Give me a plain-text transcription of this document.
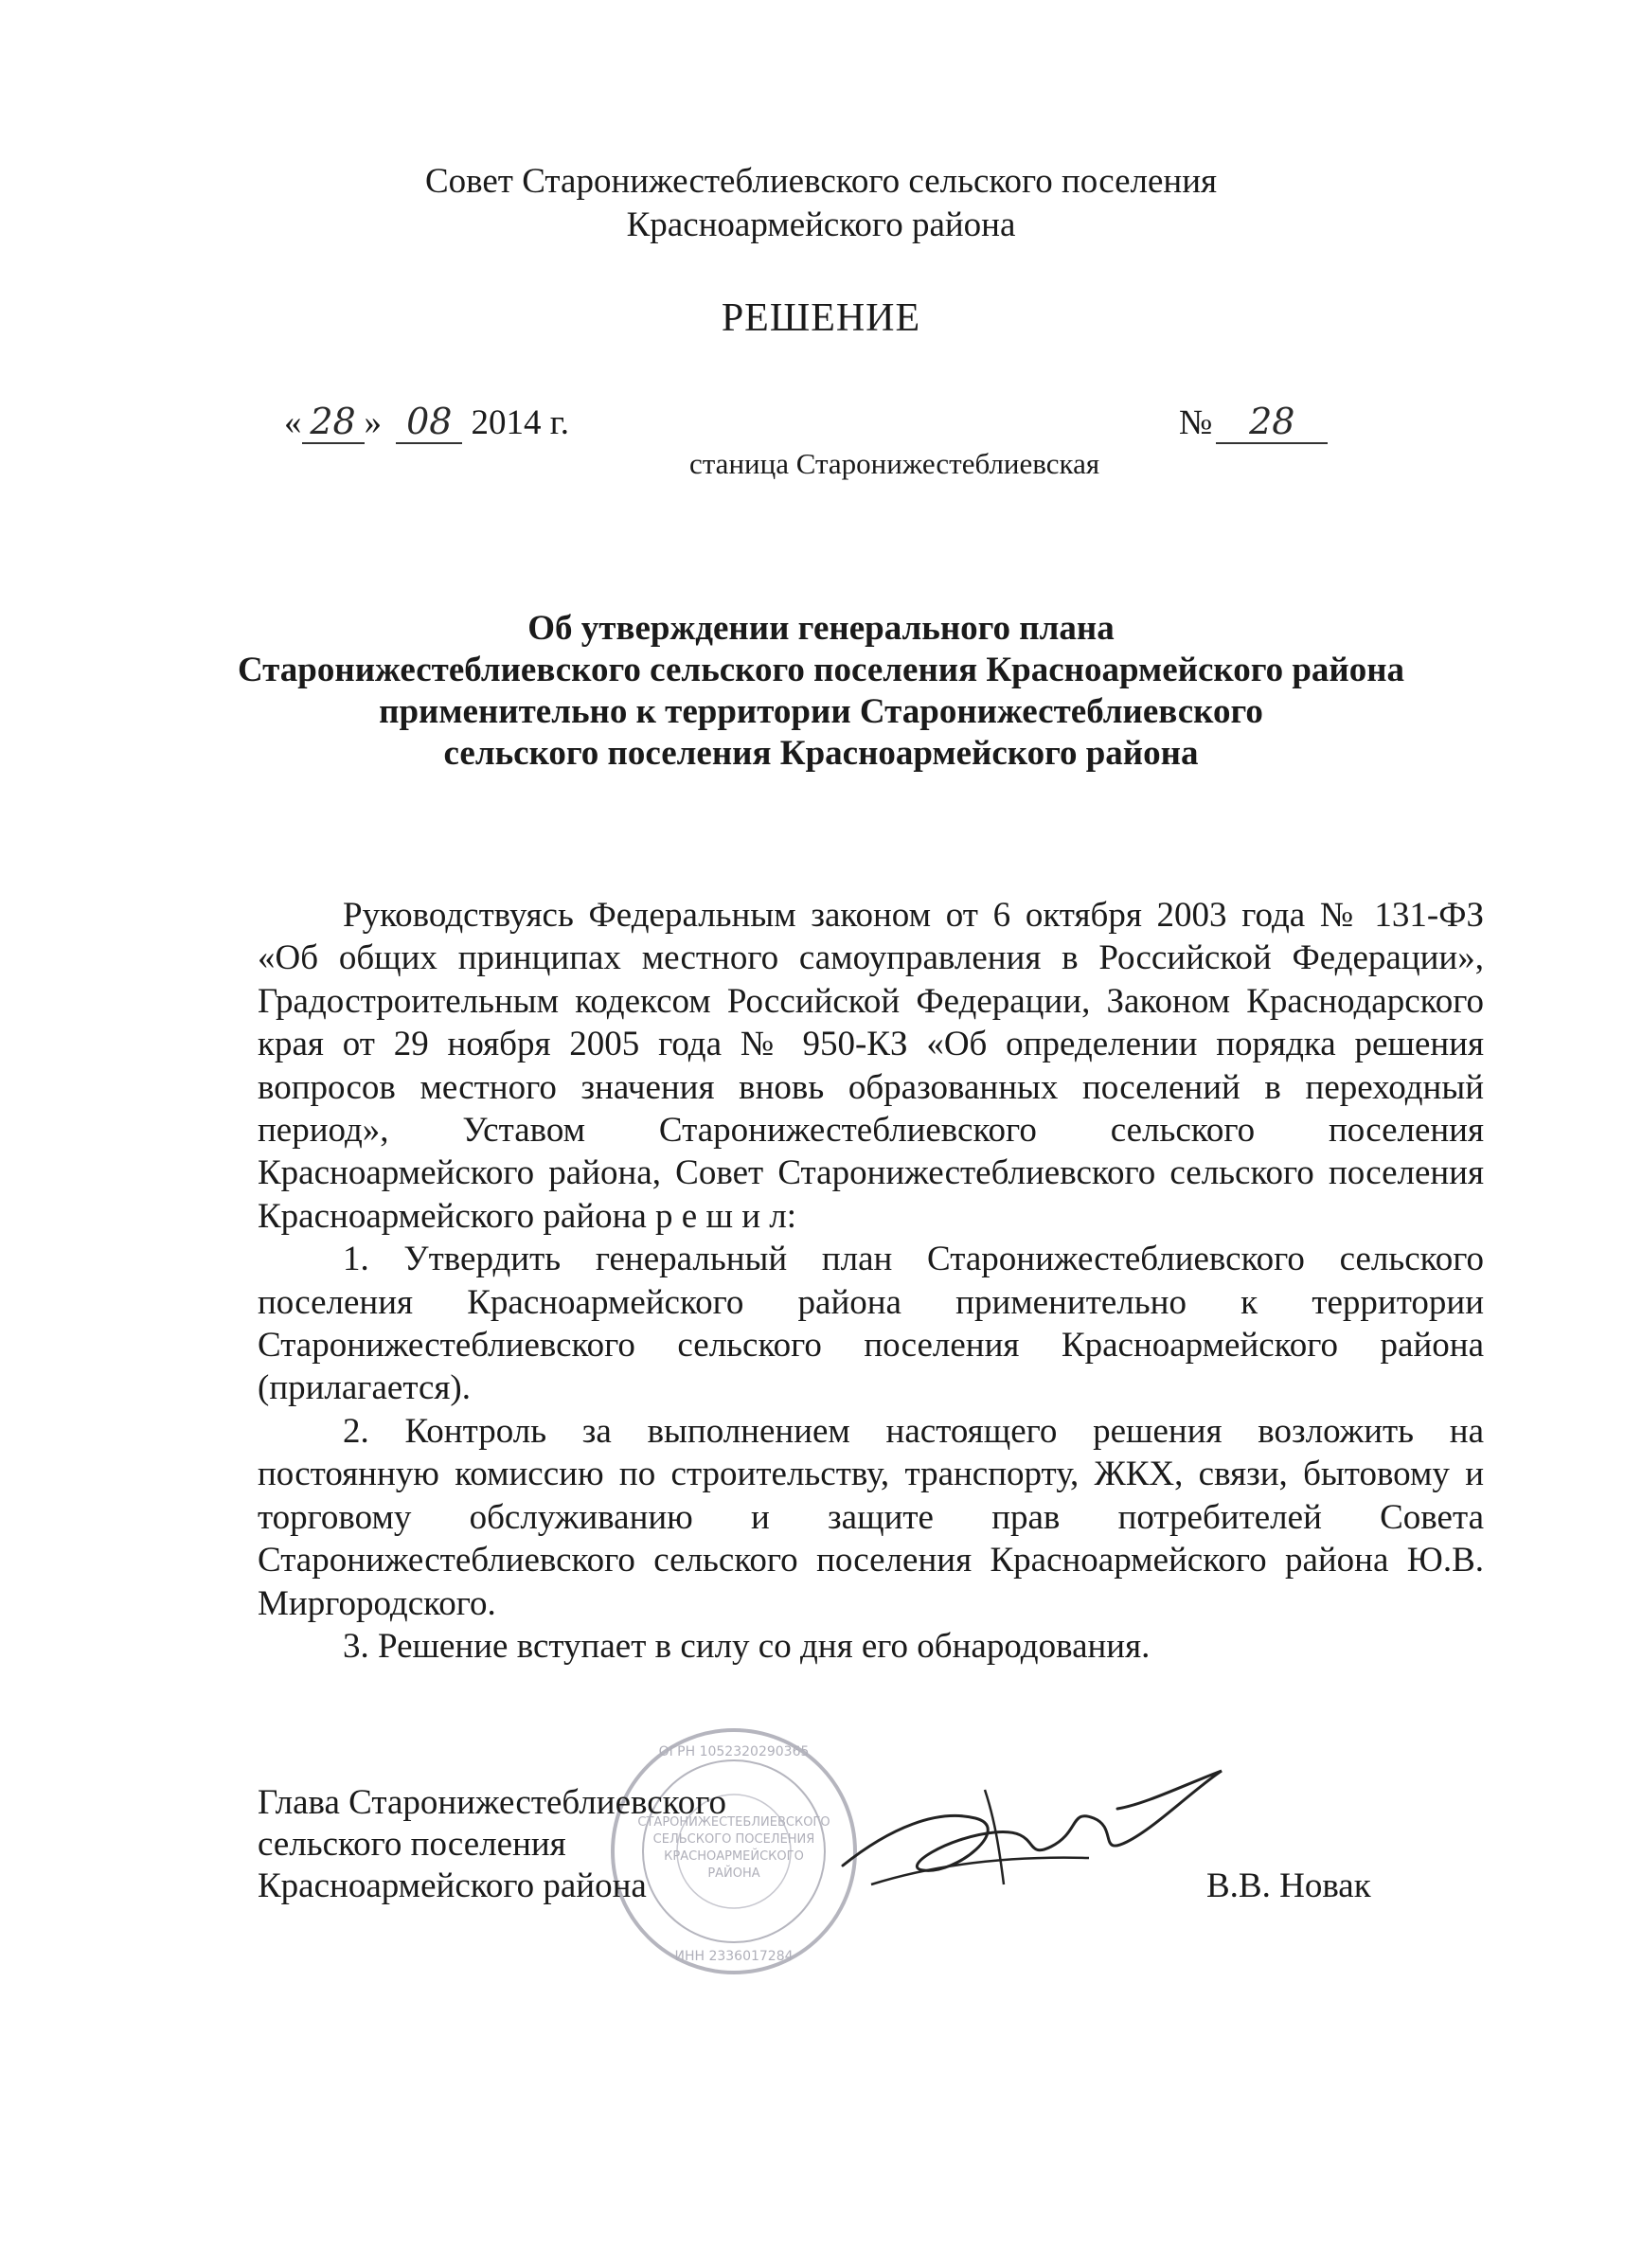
Совет Старонижестеблиевского сельского поселения
Красноармейского района
РЕШЕНИЕ
« 28 » 08 2014 г.	№ 28
станица Старонижестеблиевская
Об утверждении генерального плана
Старонижестеблиевского сельского поселения Красноармейского района
применительно к территории Старонижестеблиевского
сельского поселения Красноармейского района

Руководствуясь Федеральным законом от 6 октября 2003 года № 131-ФЗ «Об общих принципах местного самоуправления в Российской Федерации», Градостроительным кодексом Российской Федерации, Законом Краснодарского края от 29 ноября 2005 года № 950-КЗ «Об определении порядка решения вопросов местного значения вновь образованных поселений в переходный период», Уставом Старонижестеблиевского сельского поселения Красноармейского района, Совет Старонижестеблиевского сельского поселения Красноармейского района р е ш и л:

1. Утвердить генеральный план Старонижестеблиевского сельского поселения Красноармейского района применительно к территории Старонижестеблиевского сельского поселения Красноармейского района (прилагается).

2. Контроль за выполнением настоящего решения возложить на постоянную комиссию по строительству, транспорту, ЖКХ, связи, бытовому и торговому обслуживанию и защите прав потребителей Совета Старонижестеблиевского сельского поселения Красноармейского района Ю.В. Миргородского.

3. Решение вступает в силу со дня его обнародования.

СТАРОНИЖЕСТЕБЛИЕВСКОГО
СЕЛЬСКОГО ПОСЕЛЕНИЯ
КРАСНОАРМЕЙСКОГО
РАЙОНА
ОГРН 1052320290365
ИНН 2336017284
Глава Старонижестеблиевского
сельского поселения
Красноармейского района	В.В. Новак
